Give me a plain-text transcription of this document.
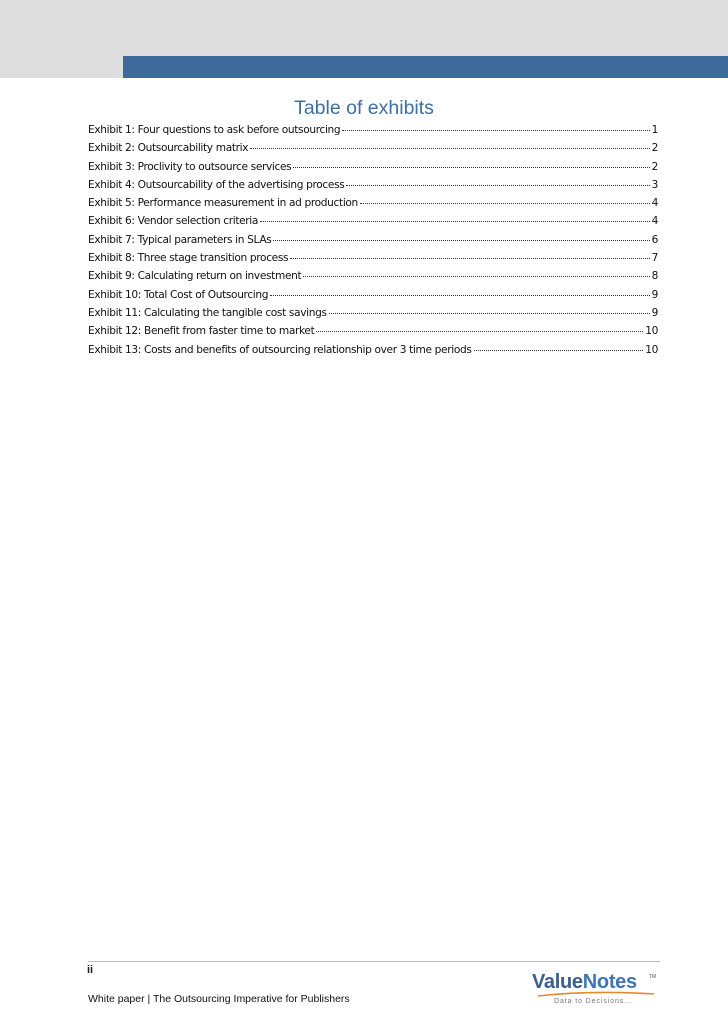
Table of exhibits
Exhibit 1: Four questions to ask before outsourcing	1
Exhibit 2: Outsourcability matrix	2
Exhibit 3: Proclivity to outsource services	2
Exhibit 4: Outsourcability of the advertising process	3
Exhibit 5: Performance measurement in ad production	4
Exhibit 6: Vendor selection criteria	4
Exhibit 7: Typical parameters in SLAs	6
Exhibit 8: Three stage transition process	7
Exhibit 9: Calculating return on investment	8
Exhibit 10: Total Cost of Outsourcing	9
Exhibit 11: Calculating the tangible cost savings	9
Exhibit 12: Benefit from faster time to market	10
Exhibit 13: Costs and benefits of outsourcing relationship over 3 time periods	10
ii
White paper | The Outsourcing Imperative for Publishers
ValueNotes TM
Data to Decisions...
